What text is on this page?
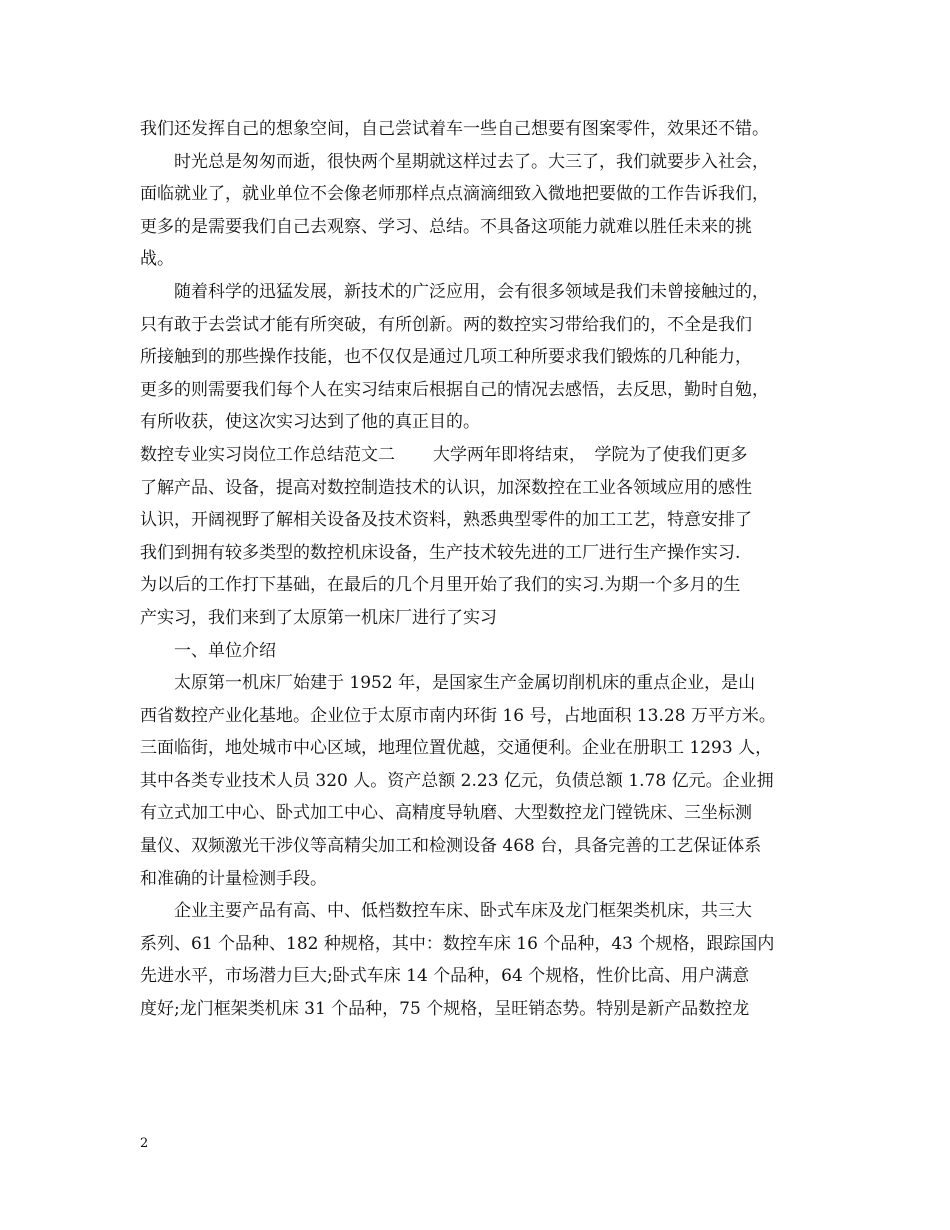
我们还发挥自己的想象空间，自己尝试着车一些自己想要有图案零件，效果还不错。
时光总是匆匆而逝，很快两个星期就这样过去了。大三了，我们就要步入社会，
面临就业了，就业单位不会像老师那样点点滴滴细致入微地把要做的工作告诉我们，
更多的是需要我们自己去观察、学习、总结。不具备这项能力就难以胜任未来的挑
战。
随着科学的迅猛发展，新技术的广泛应用，会有很多领域是我们未曾接触过的，
只有敢于去尝试才能有所突破，有所创新。两的数控实习带给我们的，不全是我们
所接触到的那些操作技能，也不仅仅是通过几项工种所要求我们锻炼的几种能力，
更多的则需要我们每个人在实习结束后根据自己的情况去感悟，去反思，勤时自勉，
有所收获，使这次实习达到了他的真正目的。
数控专业实习岗位工作总结范文二 大学两年即将结束，　学院为了使我们更多
了解产品、设备，提高对数控制造技术的认识，加深数控在工业各领域应用的感性
认识，开阔视野了解相关设备及技术资料，熟悉典型零件的加工工艺，特意安排了
我们到拥有较多类型的数控机床设备，生产技术较先进的工厂进行生产操作实习.
为以后的工作打下基础，在最后的几个月里开始了我们的实习.为期一个多月的生
产实习，我们来到了太原第一机床厂进行了实习
一、单位介绍
太原第一机床厂始建于 1952 年，是国家生产金属切削机床的重点企业，是山
西省数控产业化基地。企业位于太原市南内环街 16 号，占地面积 13.28 万平方米。
三面临街，地处城市中心区域，地理位置优越，交通便利。企业在册职工 1293 人，
其中各类专业技术人员 320 人。资产总额 2.23 亿元，负债总额 1.78 亿元。企业拥
有立式加工中心、卧式加工中心、高精度导轨磨、大型数控龙门镗铣床、三坐标测
量仪、双频激光干涉仪等高精尖加工和检测设备 468 台，具备完善的工艺保证体系
和准确的计量检测手段。
企业主要产品有高、中、低档数控车床、卧式车床及龙门框架类机床，共三大
系列、61 个品种、182 种规格，其中：数控车床 16 个品种，43 个规格，跟踪国内
先进水平，市场潜力巨大;卧式车床 14 个品种，64 个规格，性价比高、用户满意
度好;龙门框架类机床 31 个品种，75 个规格，呈旺销态势。特别是新产品数控龙
2
